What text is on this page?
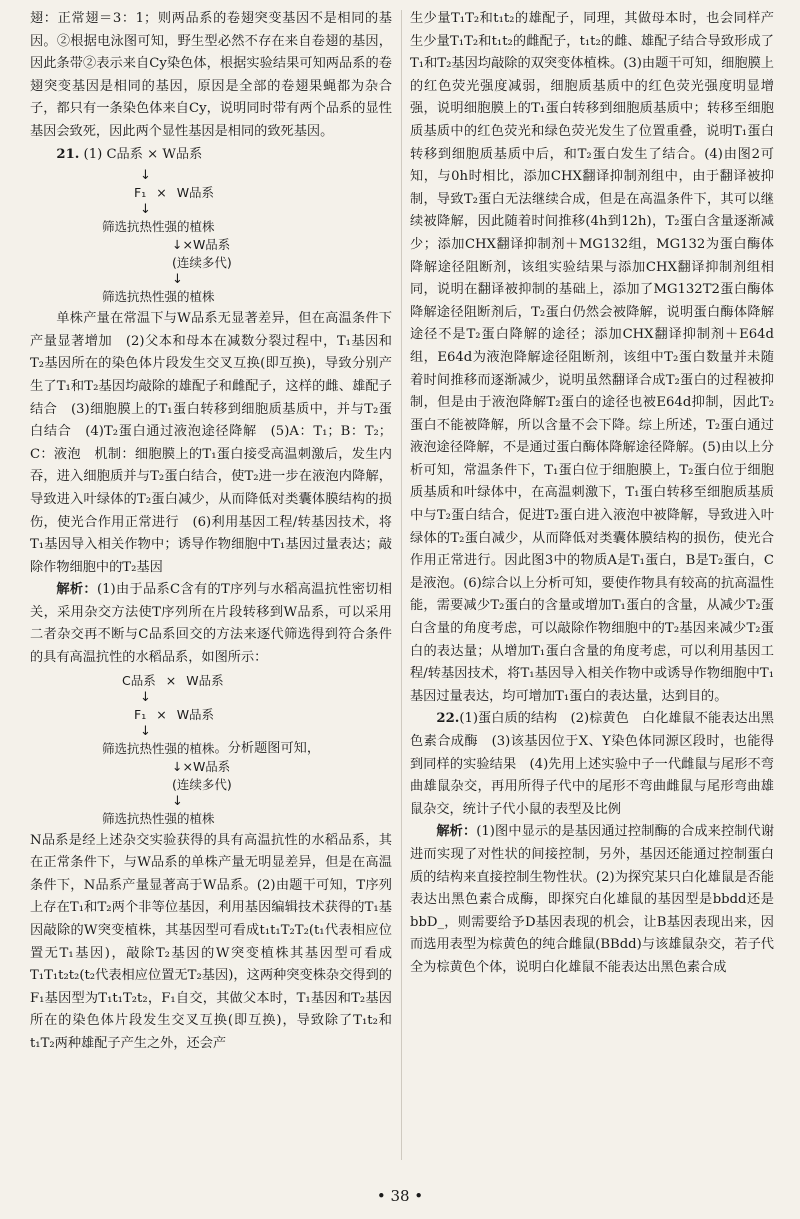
翅：正常翅＝3：1；则两品系的卷翅突变基因不是相同的基因。②根据电泳图可知，野生型必然不存在来自卷翅的基因，因此条带②表示来自Cy染色体，根据实验结果可知两品系的卷翅突变基因是相同的基因，原因是全部的卷翅果蝇都为杂合子，都只有一条染色体来自Cy，说明同时带有两个品系的显性基因会致死，因此两个显性基因是相同的致死基因。

21. (1) C品系 × W品系

↓
F₁ × W品系
↓
筛选抗热性强的植株
↓×W品系
(连续多代)
↓
筛选抗热性强的植株

单株产量在常温下与W品系无显著差异，但在高温条件下产量显著增加　(2)父本和母本在减数分裂过程中，T₁基因和T₂基因所在的染色体片段发生交叉互换(即互换)，导致分别产生了T₁和T₂基因均敲除的雄配子和雌配子，这样的雌、雄配子结合　(3)细胞膜上的T₁蛋白转移到细胞质基质中，并与T₂蛋白结合　(4)T₂蛋白通过液泡途径降解　(5)A：T₁；B：T₂；C：液泡　机制：细胞膜上的T₁蛋白接受高温刺激后，发生内吞，进入细胞质并与T₂蛋白结合，使T₂进一步在液泡内降解，导致进入叶绿体的T₂蛋白减少，从而降低对类囊体膜结构的损伤，使光合作用正常进行　(6)利用基因工程/转基因技术，将T₁基因导入相关作物中；诱导作物细胞中T₁基因过量表达；敲除作物细胞中的T₂基因

解析：(1)由于品系C含有的T序列与水稻高温抗性密切相关，采用杂交方法使T序列所在片段转移到W品系，可以采用二者杂交再不断与C品系回交的方法来逐代筛选得到符合条件的具有高温抗性的水稻品系，如图所示：

C品系 × W品系
↓
F₁ × W品系
↓
筛选抗热性强的植株 。分析题图可知，
↓×W品系
(连续多代)
↓
筛选抗热性强的植株

N品系是经上述杂交实验获得的具有高温抗性的水稻品系，其在正常条件下，与W品系的单株产量无明显差异，但是在高温条件下，N品系产量显著高于W品系。(2)由题干可知，T序列上存在T₁和T₂两个非等位基因，利用基因编辑技术获得的T₁基因敲除的W突变植株，其基因型可看成t₁t₁T₂T₂(t₁代表相应位置无T₁基因)，敲除T₂基因的W突变植株其基因型可看成T₁T₁t₂t₂(t₂代表相应位置无T₂基因)，这两种突变株杂交得到的F₁基因型为T₁t₁T₂t₂，F₁自交，其做父本时，T₁基因和T₂基因所在的染色体片段发生交叉互换(即互换)，导致除了T₁t₂和t₁T₂两种雄配子产生之外，还会产

生少量T₁T₂和t₁t₂的雄配子，同理，其做母本时，也会同样产生少量T₁T₂和t₁t₂的雌配子，t₁t₂的雌、雄配子结合导致形成了T₁和T₂基因均敲除的双突变体植株。(3)由题干可知，细胞膜上的红色荧光强度减弱，细胞质基质中的红色荧光强度明显增强，说明细胞膜上的T₁蛋白转移到细胞质基质中；转移至细胞质基质中的红色荧光和绿色荧光发生了位置重叠，说明T₁蛋白转移到细胞质基质中后，和T₂蛋白发生了结合。(4)由图2可知，与0h时相比，添加CHX翻译抑制剂组中，由于翻译被抑制，导致T₂蛋白无法继续合成，但是在高温条件下，其可以继续被降解，因此随着时间推移(4h到12h)，T₂蛋白含量逐渐减少；添加CHX翻译抑制剂＋MG132组，MG132为蛋白酶体降解途径阻断剂，该组实验结果与添加CHX翻译抑制剂组相同，说明在翻译被抑制的基础上，添加了MG132T2蛋白酶体降解途径阻断剂后，T₂蛋白仍然会被降解，说明蛋白酶体降解途径不是T₂蛋白降解的途径；添加CHX翻译抑制剂＋E64d组，E64d为液泡降解途径阻断剂，该组中T₂蛋白数量并未随着时间推移而逐渐减少，说明虽然翻译合成T₂蛋白的过程被抑制，但是由于液泡降解T₂蛋白的途径也被E64d抑制，因此T₂蛋白不能被降解，所以含量不会下降。综上所述，T₂蛋白通过液泡途径降解，不是通过蛋白酶体降解途径降解。(5)由以上分析可知，常温条件下，T₁蛋白位于细胞膜上，T₂蛋白位于细胞质基质和叶绿体中，在高温刺激下，T₁蛋白转移至细胞质基质中与T₂蛋白结合，促进T₂蛋白进入液泡中被降解，导致进入叶绿体的T₂蛋白减少，从而降低对类囊体膜结构的损伤，使光合作用正常进行。因此图3中的物质A是T₁蛋白，B是T₂蛋白，C是液泡。(6)综合以上分析可知，要使作物具有较高的抗高温性能，需要减少T₂蛋白的含量或增加T₁蛋白的含量，从减少T₂蛋白含量的角度考虑，可以敲除作物细胞中的T₂基因来减少T₂蛋白的表达量；从增加T₁蛋白含量的角度考虑，可以利用基因工程/转基因技术，将T₁基因导入相关作物中或诱导作物细胞中T₁基因过量表达，均可增加T₁蛋白的表达量，达到目的。

22.(1)蛋白质的结构　(2)棕黄色　白化雄鼠不能表达出黑色素合成酶　(3)该基因位于X、Y染色体同源区段时，也能得到同样的实验结果　(4)先用上述实验中子一代雌鼠与尾形不弯曲雄鼠杂交，再用所得子代中的尾形不弯曲雌鼠与尾形弯曲雄鼠杂交，统计子代小鼠的表型及比例

解析：(1)图中显示的是基因通过控制酶的合成来控制代谢进而实现了对性状的间接控制，另外，基因还能通过控制蛋白质的结构来直接控制生物性状。(2)为探究某只白化雄鼠是否能表达出黑色素合成酶，即探究白化雄鼠的基因型是bbdd还是bbD_，则需要给予D基因表现的机会，让B基因表现出来，因而选用表型为棕黄色的纯合雌鼠(BBdd)与该雄鼠杂交，若子代全为棕黄色个体，说明白化雄鼠不能表达出黑色素合成

• 38 •
